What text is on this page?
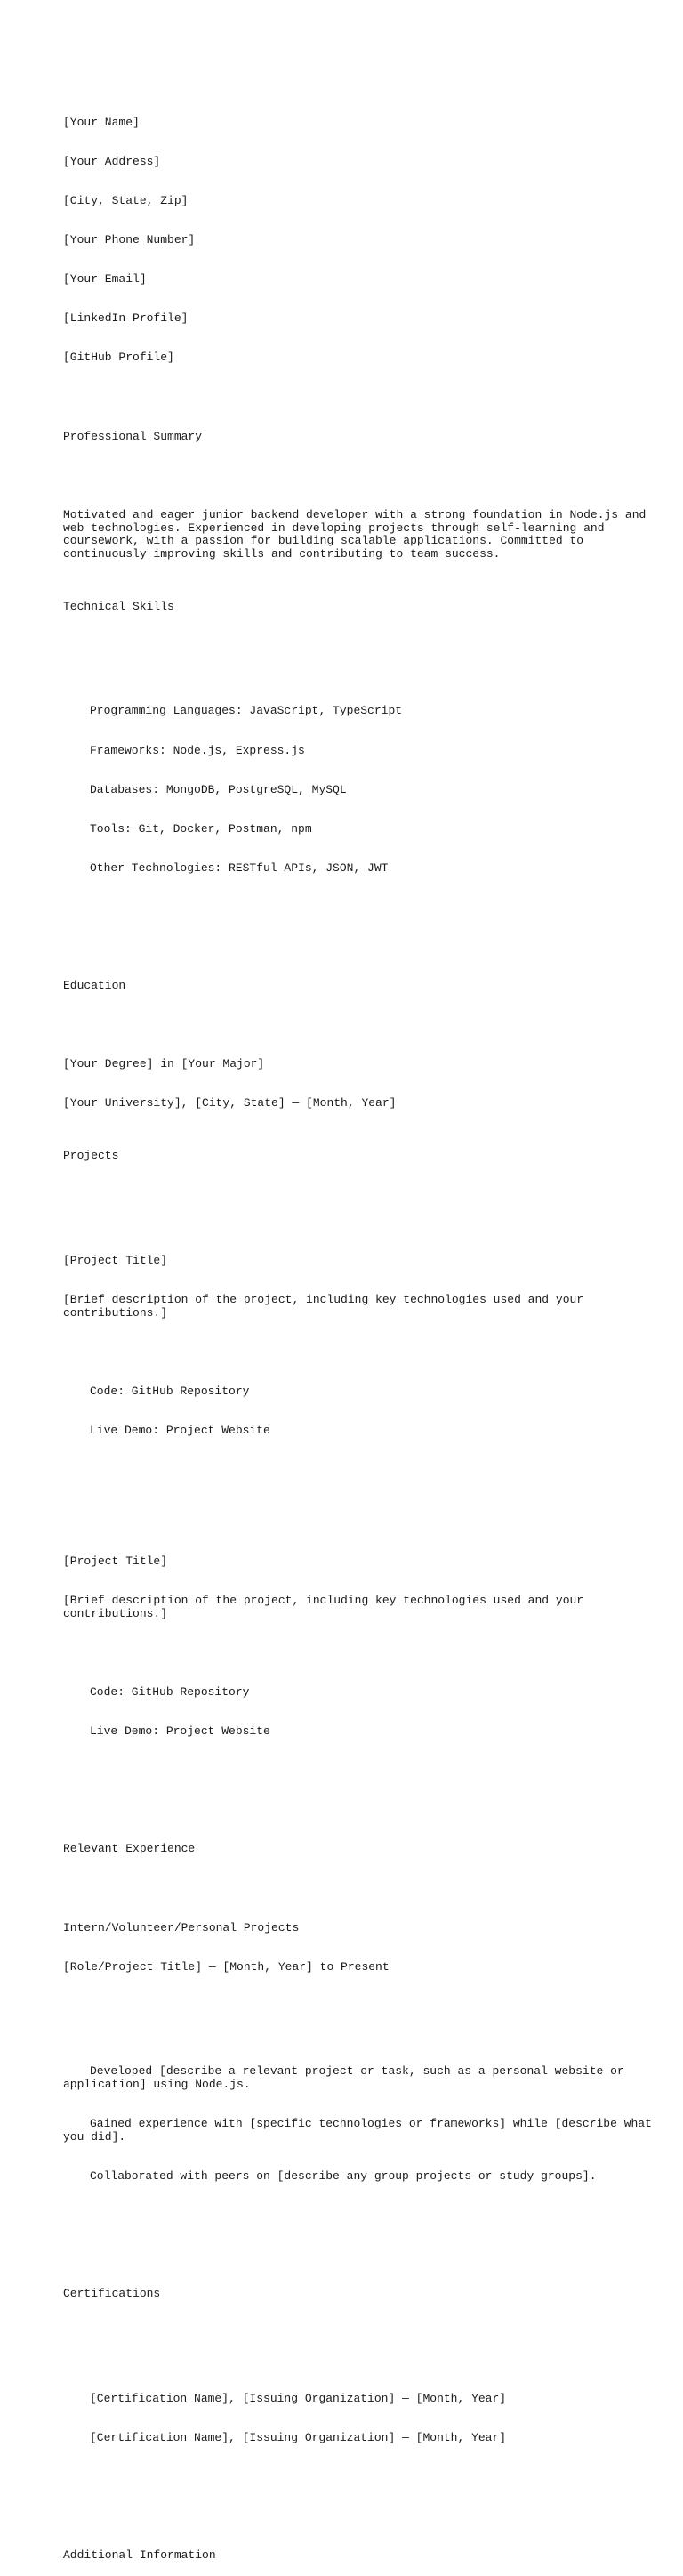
[Your Name]

[Your Address]

[City, State, Zip]

[Your Phone Number]

[Your Email]

[LinkedIn Profile]

[GitHub Profile]

Professional Summary

Motivated and eager junior backend developer with a strong foundation in Node.js and web technologies. Experienced in developing projects through self-learning and coursework, with a passion for building scalable applications. Committed to continuously improving skills and contributing to team success.

Technical Skills

Programming Languages: JavaScript, TypeScript

Frameworks: Node.js, Express.js

Databases: MongoDB, PostgreSQL, MySQL

Tools: Git, Docker, Postman, npm

Other Technologies: RESTful APIs, JSON, JWT

Education

[Your Degree] in [Your Major]

[Your University], [City, State] — [Month, Year]

Projects

[Project Title]

[Brief description of the project, including key technologies used and your contributions.]

Code: GitHub Repository

Live Demo: Project Website

[Project Title]

[Brief description of the project, including key technologies used and your contributions.]

Code: GitHub Repository

Live Demo: Project Website

Relevant Experience

Intern/Volunteer/Personal Projects

[Role/Project Title] — [Month, Year] to Present

Developed [describe a relevant project or task, such as a personal website or application] using Node.js.

Gained experience with [specific technologies or frameworks] while [describe what you did].

Collaborated with peers on [describe any group projects or study groups].

Certifications

[Certification Name], [Issuing Organization] — [Month, Year]

[Certification Name], [Issuing Organization] — [Month, Year]

Additional Information
